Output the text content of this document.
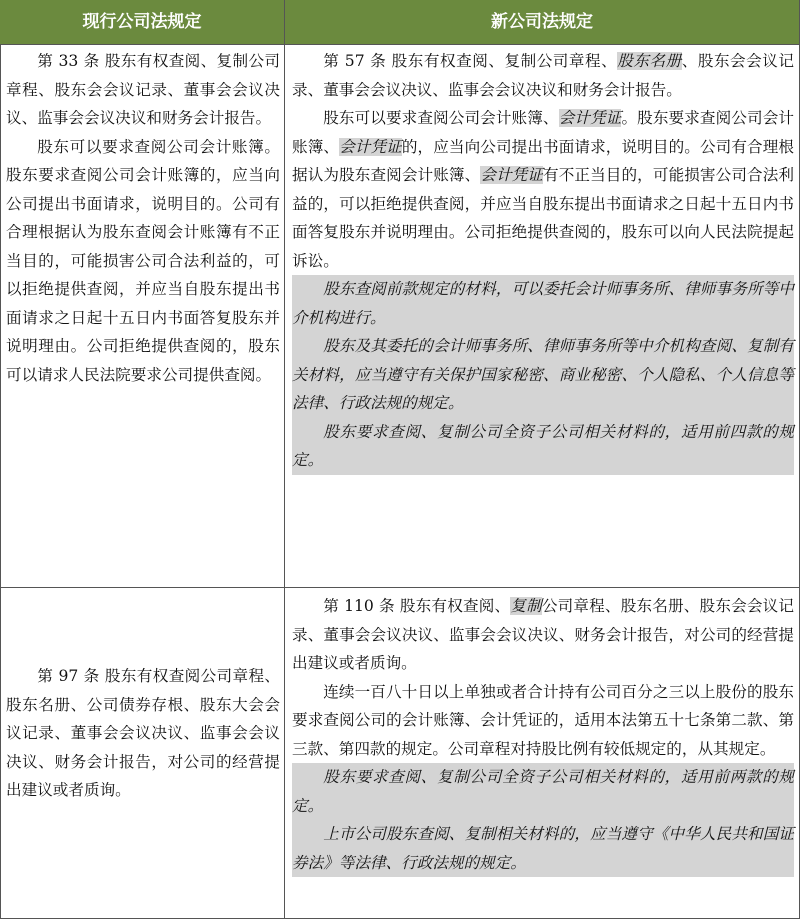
现行公司法规定	新公司法规定

第 33 条 股东有权查阅、复制公司章程、股东会会议记录、董事会会议决议、监事会会议决议和财务会计报告。

股东可以要求查阅公司会计账簿。股东要求查阅公司会计账簿的，应当向公司提出书面请求，说明目的。公司有合理根据认为股东查阅会计账簿有不正当目的，可能损害公司合法利益的，可以拒绝提供查阅，并应当自股东提出书面请求之日起十五日内书面答复股东并说明理由。公司拒绝提供查阅的，股东可以请求人民法院要求公司提供查阅。

第 57 条 股东有权查阅、复制公司章程、股东名册、股东会会议记录、董事会会议决议、监事会会议决议和财务会计报告。

股东可以要求查阅公司会计账簿、会计凭证。股东要求查阅公司会计账簿、会计凭证的，应当向公司提出书面请求，说明目的。公司有合理根据认为股东查阅会计账簿、会计凭证有不正当目的，可能损害公司合法利益的，可以拒绝提供查阅，并应当自股东提出书面请求之日起十五日内书面答复股东并说明理由。公司拒绝提供查阅的，股东可以向人民法院提起诉讼。

股东查阅前款规定的材料，可以委托会计师事务所、律师事务所等中介机构进行。

股东及其委托的会计师事务所、律师事务所等中介机构查阅、复制有关材料，应当遵守有关保护国家秘密、商业秘密、个人隐私、个人信息等法律、行政法规的规定。

股东要求查阅、复制公司全资子公司相关材料的，适用前四款的规定。

第 97 条 股东有权查阅公司章程、股东名册、公司债券存根、股东大会会议记录、董事会会议决议、监事会会议决议、财务会计报告，对公司的经营提出建议或者质询。

第 110 条 股东有权查阅、复制公司章程、股东名册、股东会会议记录、董事会会议决议、监事会会议决议、财务会计报告，对公司的经营提出建议或者质询。

连续一百八十日以上单独或者合计持有公司百分之三以上股份的股东要求查阅公司的会计账簿、会计凭证的，适用本法第五十七条第二款、第三款、第四款的规定。公司章程对持股比例有较低规定的，从其规定。

股东要求查阅、复制公司全资子公司相关材料的，适用前两款的规定。

上市公司股东查阅、复制相关材料的，应当遵守《中华人民共和国证券法》等法律、行政法规的规定。
